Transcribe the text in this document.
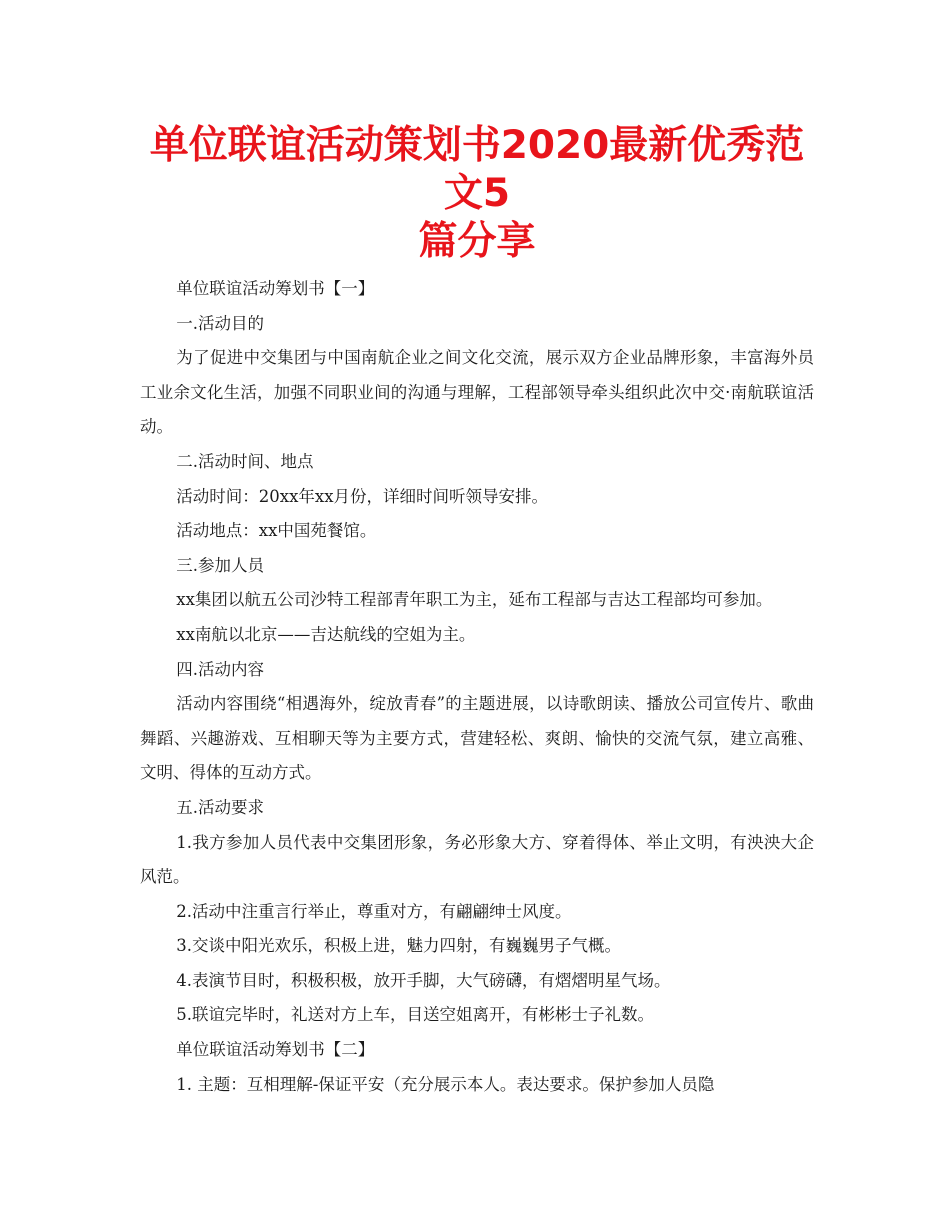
单位联谊活动策划书2020最新优秀范文5
篇分享

单位联谊活动筹划书【一】

一.活动目的

为了促进中交集团与中国南航企业之间文化交流，展示双方企业品牌形象，丰富海外员工业余文化生活，加强不同职业间的沟通与理解，工程部领导牵头组织此次中交·南航联谊活动。

二.活动时间、地点

活动时间：20xx年xx月份，详细时间听领导安排。

活动地点：xx中国苑餐馆。

三.参加人员

xx集团以航五公司沙特工程部青年职工为主，延布工程部与吉达工程部均可参加。

xx南航以北京——吉达航线的空姐为主。

四.活动内容

活动内容围绕“相遇海外，绽放青春”的主题进展，以诗歌朗读、播放公司宣传片、歌曲舞蹈、兴趣游戏、互相聊天等为主要方式，营建轻松、爽朗、愉快的交流气氛，建立高雅、文明、得体的互动方式。

五.活动要求

1.我方参加人员代表中交集团形象，务必形象大方、穿着得体、举止文明，有泱泱大企风范。

2.活动中注重言行举止，尊重对方，有翩翩绅士风度。

3.交谈中阳光欢乐，积极上进，魅力四射，有巍巍男子气概。

4.表演节目时，积极积极，放开手脚，大气磅礴，有熠熠明星气场。

5.联谊完毕时，礼送对方上车，目送空姐离开，有彬彬士子礼数。

单位联谊活动筹划书【二】

1. 主题：互相理解-保证平安（充分展示本人。表达要求。保护参加人员隐
